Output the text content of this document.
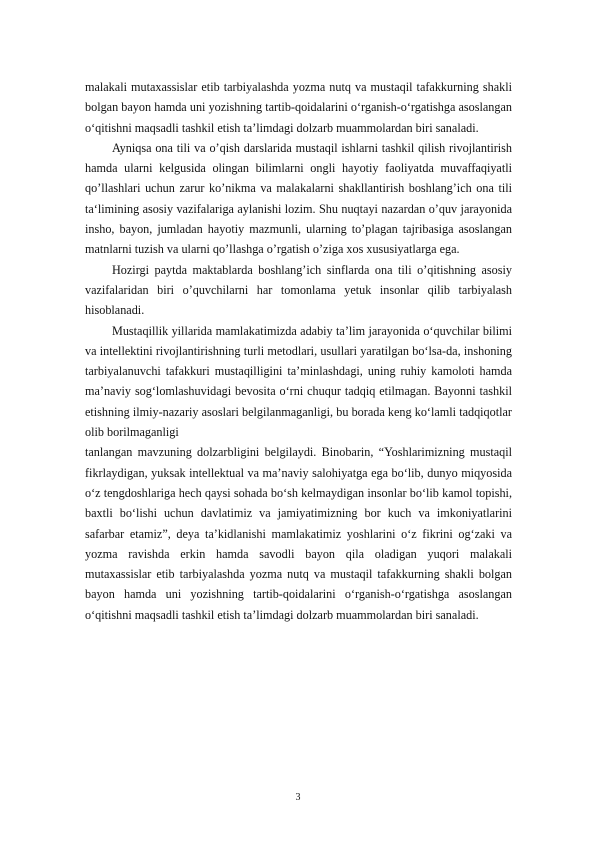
malakali mutaxassislar etib tarbiyalashda yozma nutq va mustaqil tafakkurning shakli bolgan bayon hamda uni yozishning tartib-qoidalarini o‘rganish-o‘rgatishga asoslangan o‘qitishni maqsadli tashkil etish ta’limdagi dolzarb muammolardan biri sanaladi.

Ayniqsa ona tili va o’qish darslarida mustaqil ishlarni tashkil qilish rivojlantirish hamda ularni kelgusida olingan bilimlarni ongli hayotiy faoliyatda muvaffaqiyatli qo’llashlari uchun zarur ko’nikma va malakalarni shakllantirish boshlang’ich ona tili ta‘limining asosiy vazifalariga aylanishi lozim. Shu nuqtayi nazardan o’quv jarayonida insho, bayon, jumladan hayotiy mazmunli, ularning to’plagan tajribasiga asoslangan matnlarni tuzish va ularni qo’llashga o’rgatish o’ziga xos xususiyatlarga ega.

Hozirgi paytda maktablarda boshlang’ich sinflarda ona tili o’qitishning asosiy vazifalaridan biri o’quvchilarni har tomonlama yetuk insonlar qilib tarbiyalash hisoblanadi.

Mustaqillik yillarida mamlakatimizda adabiy ta’lim jarayonida o‘quvchilar bilimi va intellektini rivojlantirishning turli metodlari, usullari yaratilgan bo‘lsa-da, inshoning tarbiyalanuvchi tafakkuri mustaqilligini ta’minlashdagi, uning ruhiy kamoloti hamda ma’naviy sog‘lomlashuvidagi bevosita o‘rni chuqur tadqiq etilmagan. Bayonni tashkil etishning ilmiy-nazariy asoslari belgilanmaganligi, bu borada keng ko‘lamli tadqiqotlar olib borilmaganligi

tanlangan mavzuning dolzarbligini belgilaydi. Binobarin, “Yoshlarimizning mustaqil fikrlaydigan, yuksak intellektual va ma’naviy salohiyatga ega bo‘lib, dunyo miqyosida o‘z tengdoshlariga hech qaysi sohada bo‘sh kelmaydigan insonlar bo‘lib kamol topishi, baxtli bo‘lishi uchun davlatimiz va jamiyatimizning bor kuch va imkoniyatlarini safarbar etamiz”, deya ta’kidlanishi mamlakatimiz yoshlarini o‘z fikrini og‘zaki va yozma ravishda erkin hamda savodli bayon qila oladigan yuqori malakali mutaxassislar etib tarbiyalashda yozma nutq va mustaqil tafakkurning shakli bolgan bayon hamda uni yozishning tartib-qoidalarini o‘rganish-o‘rgatishga asoslangan o‘qitishni maqsadli tashkil etish ta’limdagi dolzarb muammolardan biri sanaladi.

3
